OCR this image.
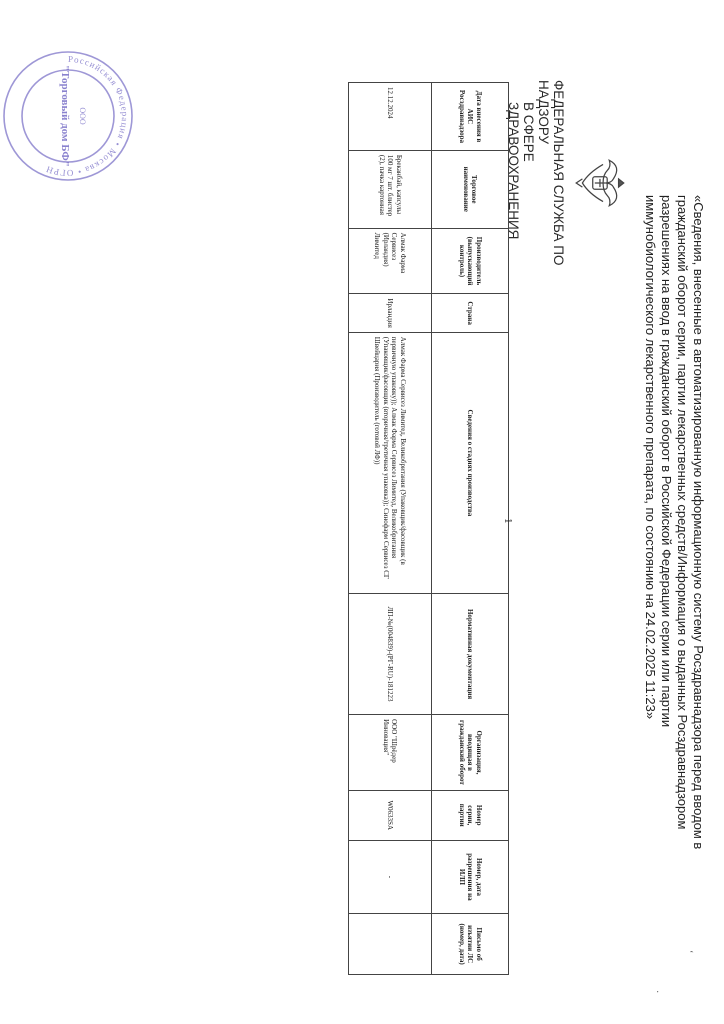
ФЕДЕРАЛЬНАЯ СЛУЖБА ПО НАДЗОРУ
В СФЕРЕ ЗДРАВООХРАНЕНИЯ
«Сведения, внесенные в автоматизированную информационную систему Росздравнадзора перед вводом в гражданский оборот серии, партии лекарственных средств/Информация о выданных Росздравнадзором разрешениях на ввод в гражданский оборот в Российской Федерации серии или партии иммунобиологического лекарственного препарата, по состоянию на 24.02.2025 11:23»
Дата внесения в АИС Росздравнадзора	Торговое наименование	Производитель (выпускающий контроль)	Страна	Сведения о стадиях производства	Нормативная документация	Организация, вводящая в гражданский оборот	Номер серии, партии	Номер, дата разрешения на ИЛП	Письмо об изъятии ЛС (номер, дата)
12.12.2024	Бреканбай, капсулы 100 мг 7 шт. блистер (2), пачка картонная	Алмак Фарма Сервисез (Ирландия) Лимитед	Ирландия	Алмак Фарма Сервисез Лимитед, Великобритания (Упаковщик/фасовщик (в первичную упаковку)); Алмак Фарма Сервисез Лимитед, Великобритания (Упаковщик/фасовщик (вторичная/третичная упаковка)); Синофарм Сервисез СГ Швейцария (Производитель (готовой ЛФ))	ЛП-№(004839)-(РГ-RU)-181223	ООО "Шрёдер Инновация"	W0633SA	-	
Российская Федерация • Москва • ОГРН
ООО
"Торговый дом БФ"
1
‘
·
